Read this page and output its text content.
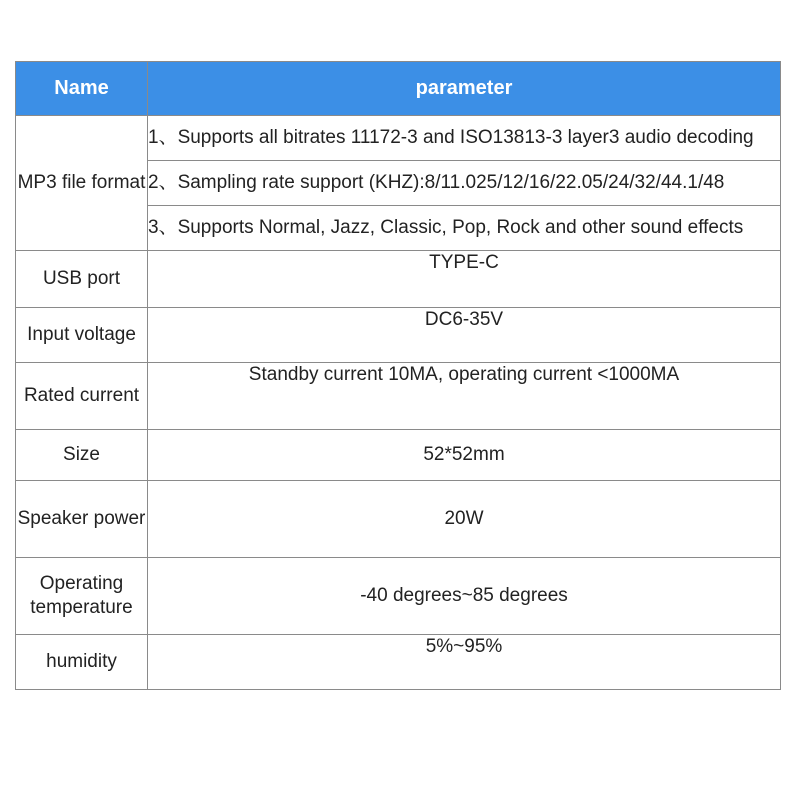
Name	parameter
MP3 file format	1、Supports all bitrates 11172-3 and ISO13813-3 layer3 audio decoding
	2、Sampling rate support (KHZ):8/11.025/12/16/22.05/24/32/44.1/48
	3、Supports Normal, Jazz, Classic, Pop, Rock and other sound effects
USB port	TYPE-C
Input voltage	DC6-35V
Rated current	Standby current 10MA, operating current <1000MA
Size	52*52mm
Speaker power	20W
Operating temperature	-40 degrees~85 degrees
humidity	5%~95%
